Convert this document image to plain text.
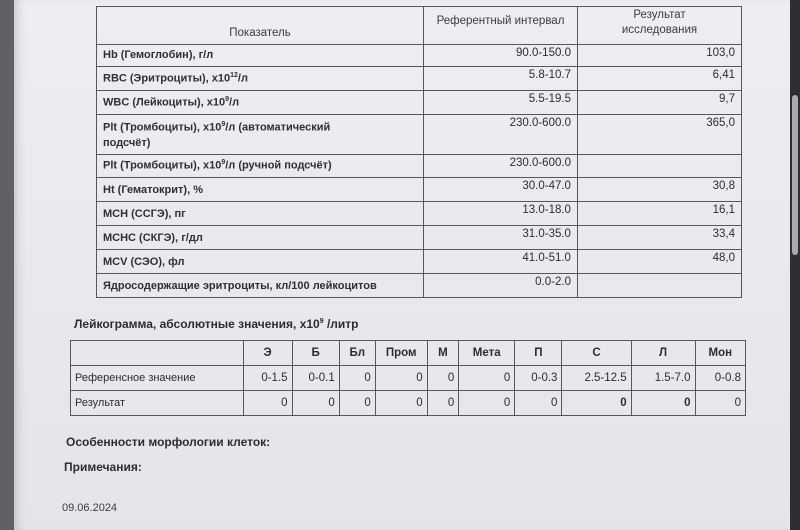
Показатель	Референтный интервал	Результат
исследования
Hb (Гемоглобин), г/л	90.0-150.0	103,0
RBC (Эритроциты), $x10^{12}/л$	5.8-10.7	6,41
WBC (Лейкоциты), $x10^9/л$	5.5-19.5	9,7
Plt (Тромбоциты), $x10^9/л$ (автоматический
подсчёт)	230.0-600.0	365,0
Plt (Тромбоциты), $x10^9/л$ (ручной подсчёт)	230.0-600.0	
Ht (Гематокрит), %	30.0-47.0	30,8
MCH (ССГЭ), пг	13.0-18.0	16,1
MCHC (СКГЭ), г/дл	31.0-35.0	33,4
MCV (СЭО), фл	41.0-51.0	48,0
Ядросодержащие эритроциты, кл/100 лейкоцитов	0.0-2.0	
Лейкограмма, абсолютные значения, $x10^9$ /литр
	Э	Б	Бл	Пром	М	Мета	П	С	Л	Мон
Референсное значение	0-1.5	0-0.1	0	0	0	0	0-0.3	2.5-12.5	1.5-7.0	0-0.8
Результат	0	0	0	0	0	0	0	0	0	0
Особенности морфологии клеток:
Примечания:
09.06.2024
